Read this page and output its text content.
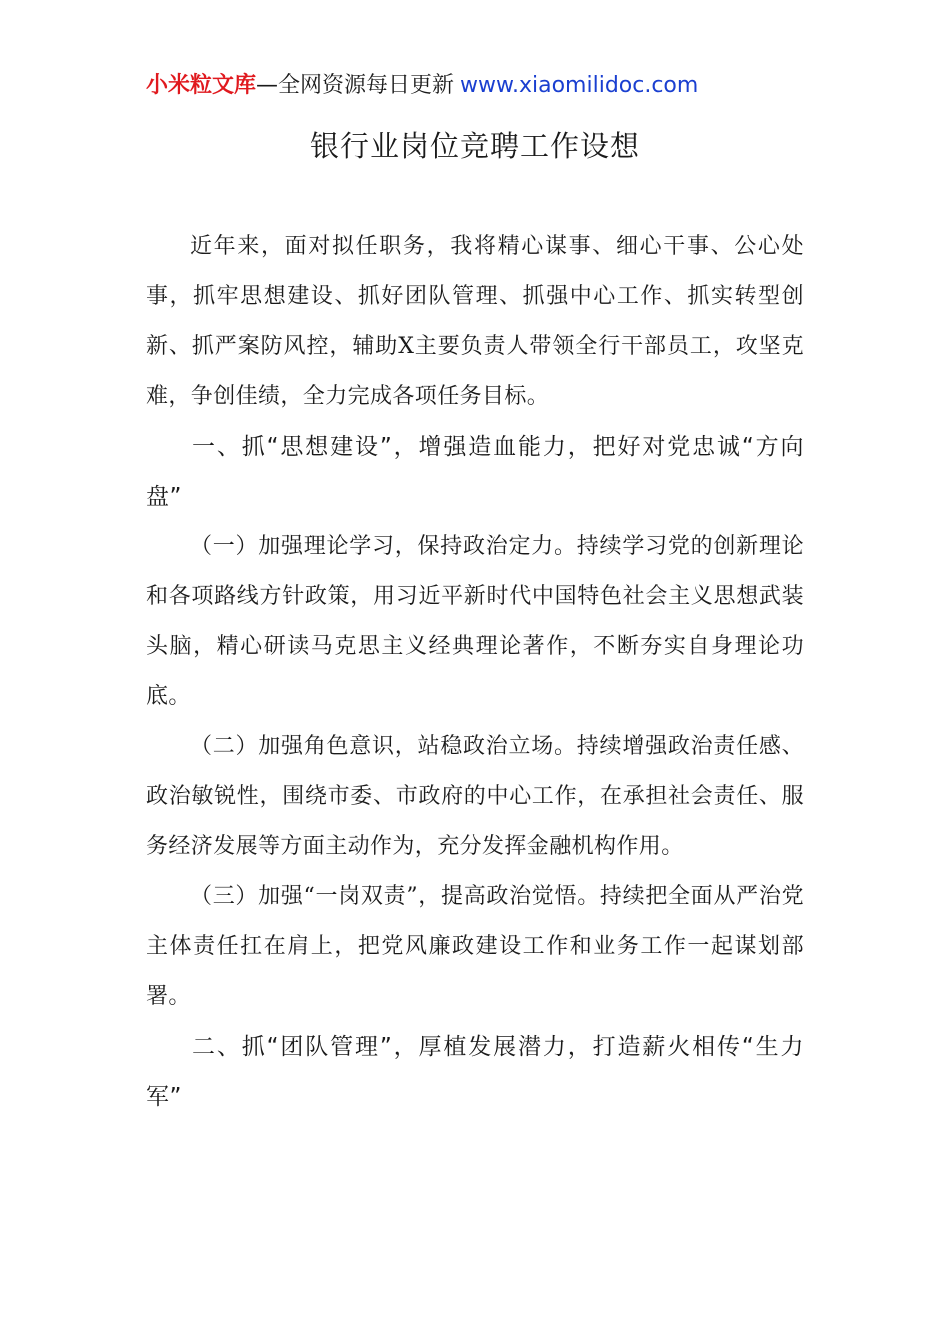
小米粒文库—全网资源每日更新 www.xiaomilidoc.com
银行业岗位竞聘工作设想

近年来，面对拟任职务，我将精心谋事、细心干事、公心处事，抓牢思想建设、抓好团队管理、抓强中心工作、抓实转型创新、抓严案防风控，辅助X主要负责人带领全行干部员工，攻坚克难，争创佳绩，全力完成各项任务目标。

一、抓“思想建设”，增强造血能力，把好对党忠诚“方向盘”

（一）加强理论学习，保持政治定力。持续学习党的创新理论和各项路线方针政策，用习近平新时代中国特色社会主义思想武装头脑，精心研读马克思主义经典理论著作，不断夯实自身理论功底。

（二）加强角色意识，站稳政治立场。持续增强政治责任感、政治敏锐性，围绕市委、市政府的中心工作，在承担社会责任、服务经济发展等方面主动作为，充分发挥金融机构作用。

（三）加强“一岗双责”，提高政治觉悟。持续把全面从严治党主体责任扛在肩上，把党风廉政建设工作和业务工作一起谋划部署。

二、抓“团队管理”，厚植发展潜力，打造薪火相传“生力军”
